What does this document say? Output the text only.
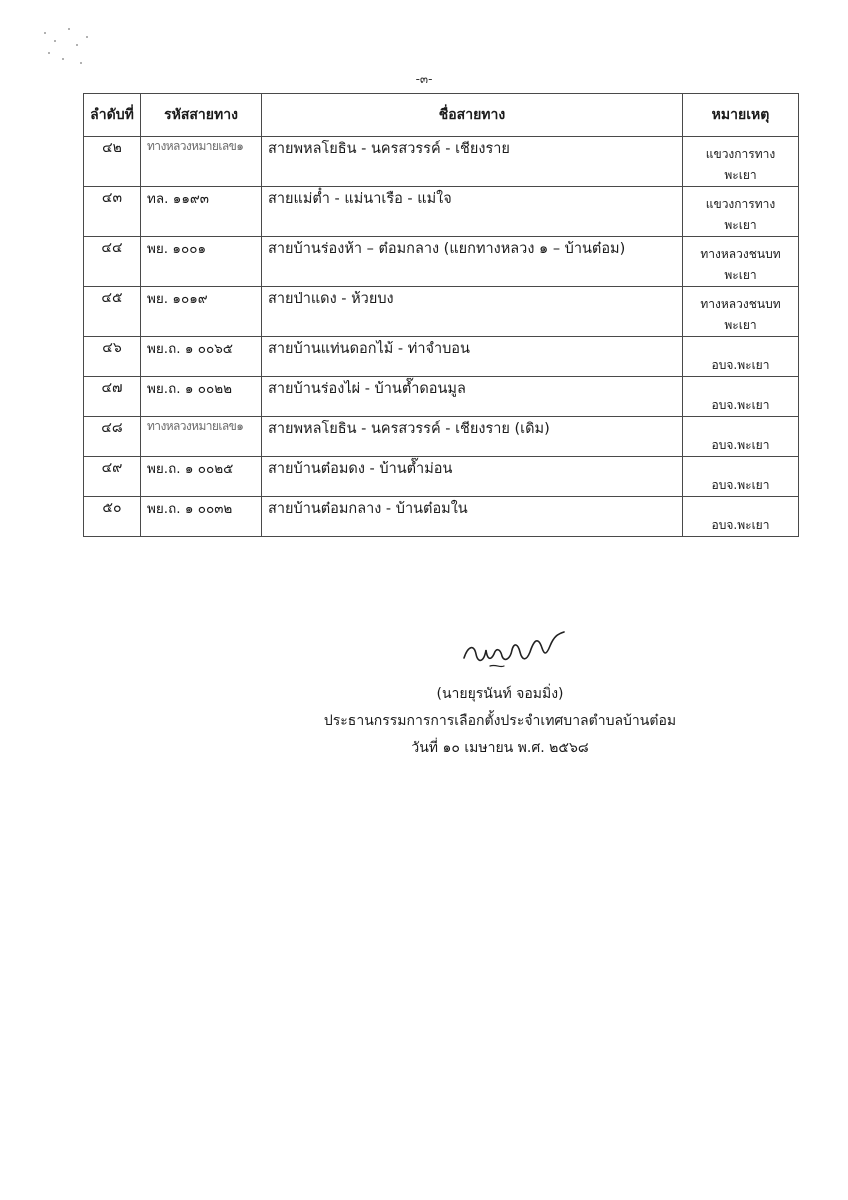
-๓-
ลำดับที่	รหัสสายทาง	ชื่อสายทาง	หมายเหตุ
๔๒	ทางหลวงหมายเลข๑	สายพหลโยธิน - นครสวรรค์ - เชียงราย	แขวงการทาง พะเยา
๔๓	ทล. ๑๑๙๓	สายแม่ต๋ำ - แม่นาเรือ - แม่ใจ	แขวงการทาง พะเยา
๔๔	พย. ๑๐๐๑	สายบ้านร่องห้า – ต๋อมกลาง (แยกทางหลวง ๑ – บ้านต๋อม)	ทางหลวงชนบท พะเยา
๔๕	พย. ๑๐๑๙	สายป่าแดง - ห้วยบง	ทางหลวงชนบท พะเยา
๔๖	พย.ถ. ๑ ๐๐๖๕	สายบ้านแท่นดอกไม้ - ท่าจำบอน	อบจ.พะเยา
๔๗	พย.ถ. ๑ ๐๐๒๒	สายบ้านร่องไผ่ - บ้านต๊ำดอนมูล	อบจ.พะเยา
๔๘	ทางหลวงหมายเลข๑	สายพหลโยธิน - นครสวรรค์ - เชียงราย (เดิม)	อบจ.พะเยา
๔๙	พย.ถ. ๑ ๐๐๒๕	สายบ้านต๋อมดง - บ้านต๊ำม่อน	อบจ.พะเยา
๕๐	พย.ถ. ๑ ๐๐๓๒	สายบ้านต๋อมกลาง - บ้านต๋อมใน	อบจ.พะเยา
(นายยุรนันท์ จอมมิ่ง)
ประธานกรรมการการเลือกตั้งประจำเทศบาลตำบลบ้านต๋อม
วันที่ ๑๐ เมษายน พ.ศ. ๒๕๖๘
